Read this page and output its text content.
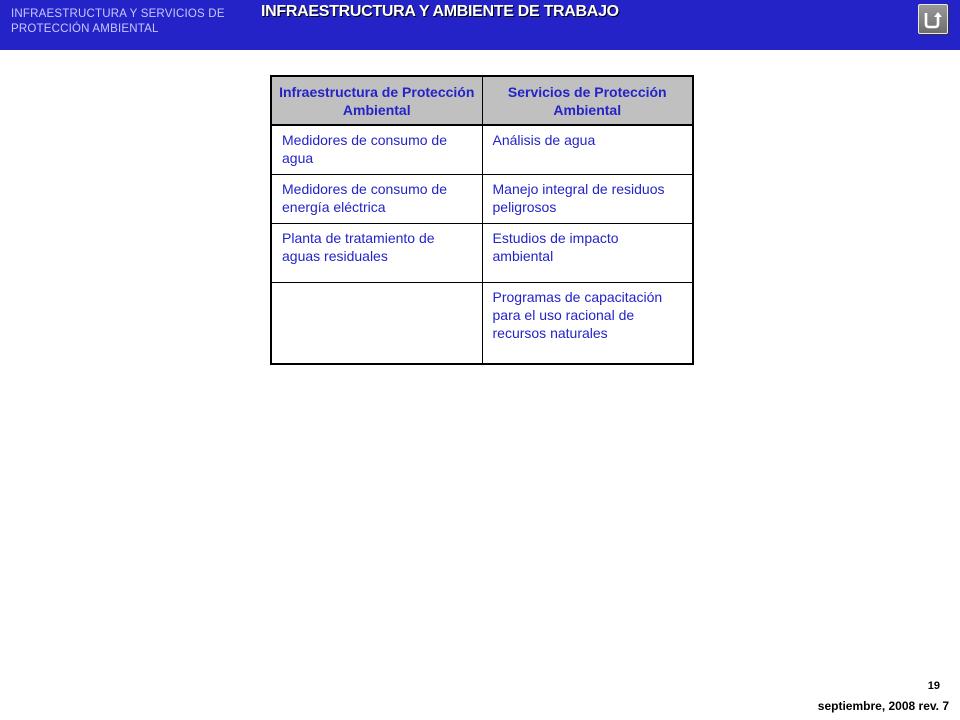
INFRAESTRUCTURA Y SERVICIOS DE PROTECCIÓN AMBIENTAL
INFRAESTRUCTURA Y AMBIENTE DE TRABAJO
Infraestructura de Protección Ambiental	Servicios de Protección Ambiental
Medidores de consumo de agua	Análisis de agua
Medidores de consumo de energía eléctrica	Manejo integral de residuos peligrosos
Planta de tratamiento de aguas residuales	Estudios de impacto ambiental
	Programas de capacitación para el uso racional de recursos naturales
19
septiembre, 2008 rev. 7
